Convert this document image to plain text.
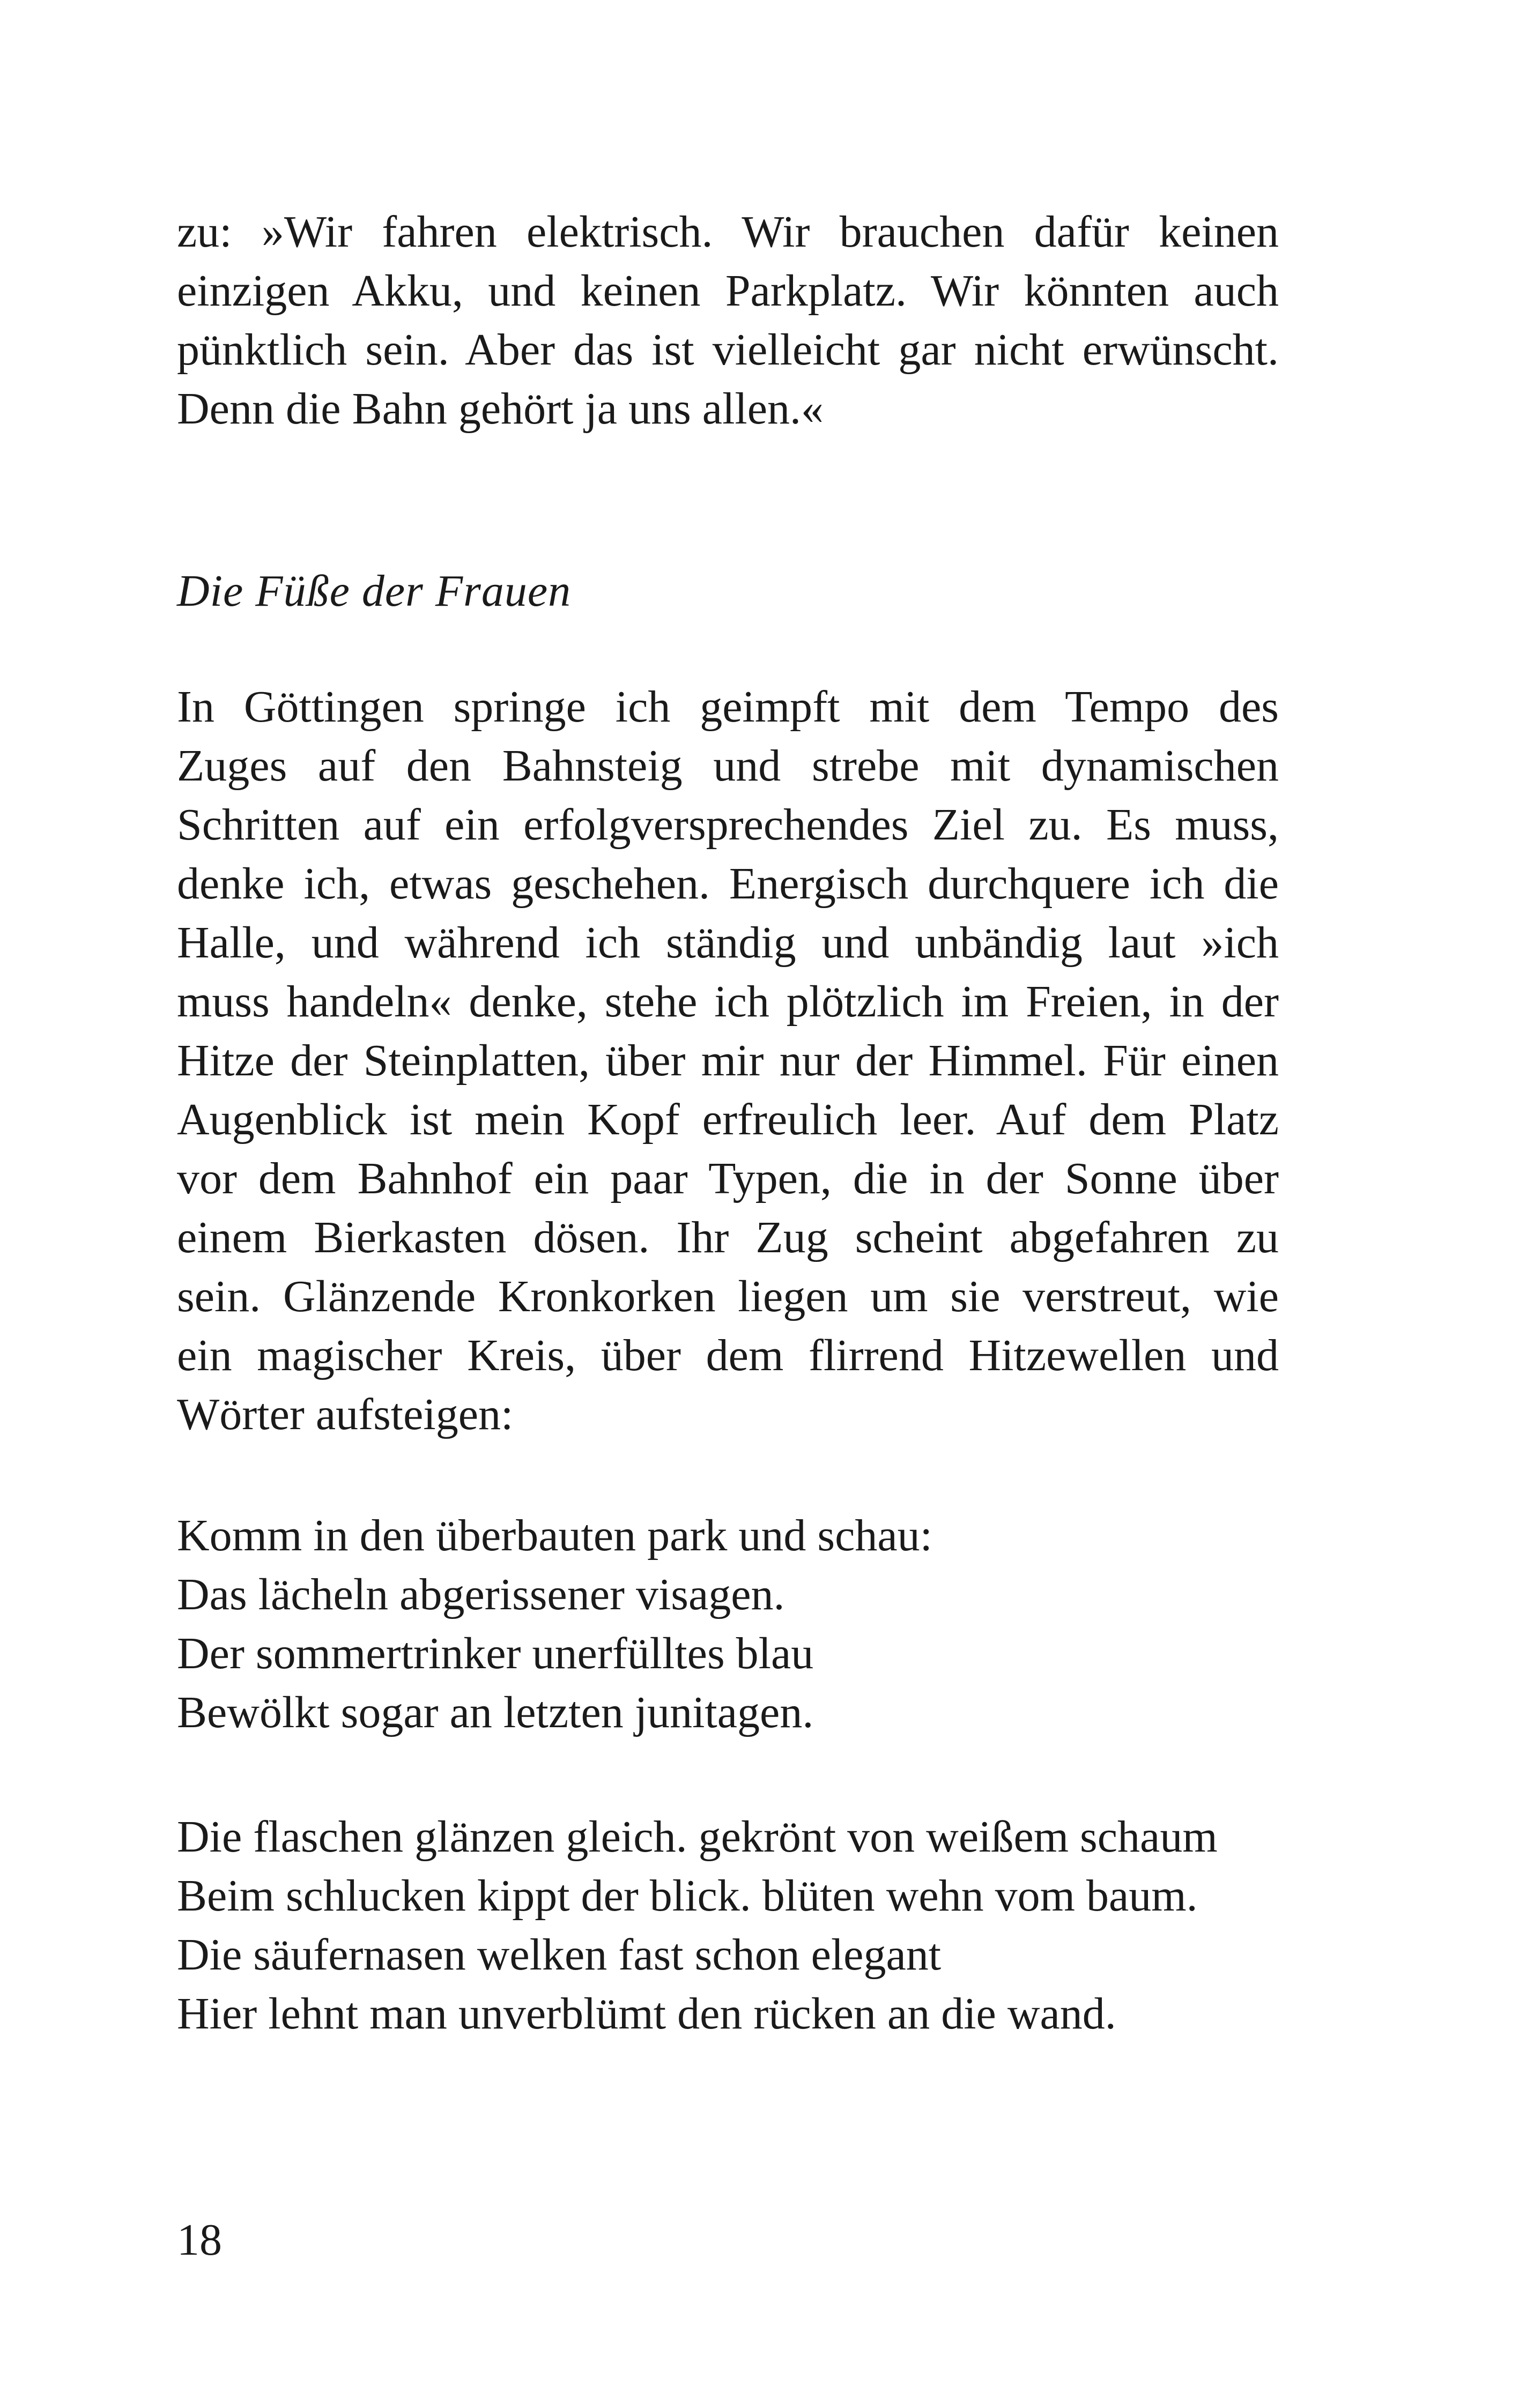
zu: »Wir fahren elektrisch. Wir brauchen dafür keinen

einzigen Akku, und keinen Parkplatz. Wir könnten auch

pünktlich sein. Aber das ist vielleicht gar nicht erwünscht.

Denn die Bahn gehört ja uns allen.«

Die Füße der Frauen

In Göttingen springe ich geimpft mit dem Tempo des

Zuges auf den Bahnsteig und strebe mit dynamischen

Schritten auf ein erfolgversprechendes Ziel zu. Es muss,

denke ich, etwas geschehen. Energisch durchquere ich die

Halle, und während ich ständig und unbändig laut »ich

muss handeln« denke, stehe ich plötzlich im Freien, in der

Hitze der Steinplatten, über mir nur der Himmel. Für einen

Augenblick ist mein Kopf erfreulich leer. Auf dem Platz

vor dem Bahnhof ein paar Typen, die in der Sonne über

einem Bierkasten dösen. Ihr Zug scheint abgefahren zu

sein. Glänzende Kronkorken liegen um sie verstreut, wie

ein magischer Kreis, über dem flirrend Hitzewellen und

Wörter aufsteigen:

Komm in den überbauten park und schau:

Das lächeln abgerissener visagen.

Der sommertrinker unerfülltes blau

Bewölkt sogar an letzten junitagen.

Die flaschen glänzen gleich. gekrönt von weißem schaum

Beim schlucken kippt der blick. blüten wehn vom baum.

Die säufernasen welken fast schon elegant

Hier lehnt man unverblümt den rücken an die wand.

18
